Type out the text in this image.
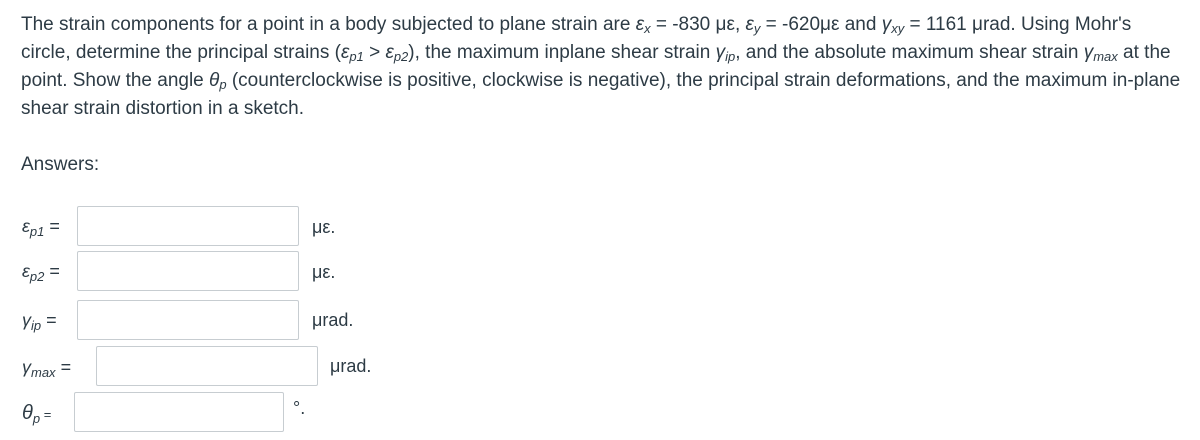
The strain components for a point in a body subjected to plane strain are $\varepsilon_x = -830$ με, $\varepsilon_y = -620\mu\varepsilon$ and $\gamma_{xy} = 1161$ μrad. Using Mohr's circle, determine the principal strains $(\varepsilon_{p1} > \varepsilon_{p2})$, the maximum inplane shear strain $\gamma_{ip}$, and the absolute maximum shear strain $\gamma_{max}$ at the point. Show the angle $\theta_p$ (counterclockwise is positive, clockwise is negative), the principal strain deformations, and the maximum in-plane shear strain distortion in a sketch.
Answers:
$\varepsilon_{p1}$ =	με.
$\varepsilon_{p2}$ =	με.
$\gamma_{ip}$ =	μrad.
$\gamma_{max}$ =	μrad.
$\theta_p$ =	°.
